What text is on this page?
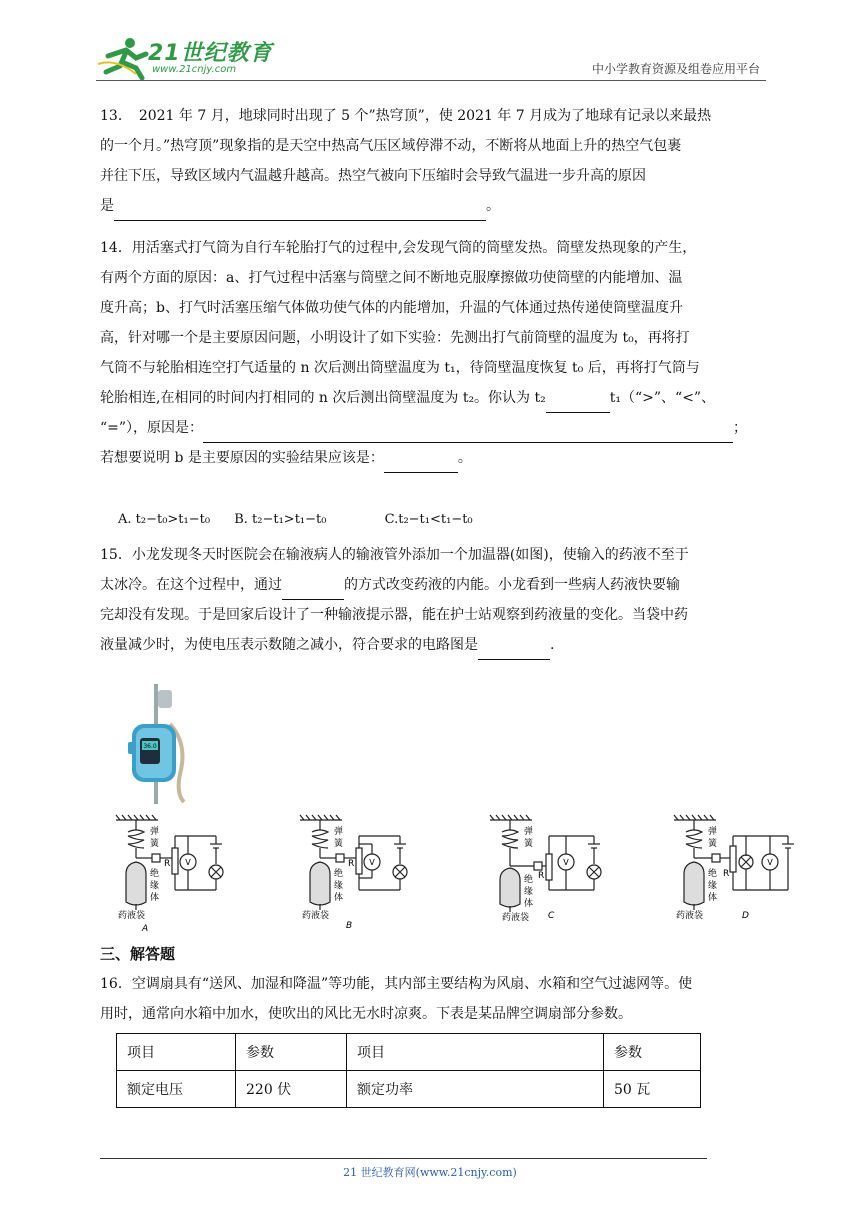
21世纪教育
www.21cnjy.com	中小学教育资源及组卷应用平台
13．　2021 年 7 月，地球同时出现了 5 个”热穹顶”，使 2021 年 7 月成为了地球有记录以来最热
的一个月。”热穹顶”现象指的是天空中热高气压区域停滞不动，不断将从地面上升的热空气包裹
并往下压，导致区域内气温越升越高。热空气被向下压缩时会导致气温进一步升高的原因
是	。
14．用活塞式打气筒为自行车轮胎打气的过程中,会发现气筒的筒壁发热。筒壁发热现象的产生，
有两个方面的原因：a、打气过程中活塞与筒壁之间不断地克服摩擦做功使筒壁的内能增加、温
度升高；b、打气时活塞压缩气体做功使气体的内能增加，升温的气体通过热传递使筒壁温度升
高，针对哪一个是主要原因问题，小明设计了如下实验：先测出打气前筒壁的温度为 t₀，再将打
气筒不与轮胎相连空打气适量的 n 次后测出筒壁温度为 t₁，待筒壁温度恢复 t₀ 后，再将打气筒与
轮胎相连,在相同的时间内打相同的 n 次后测出筒壁温度为 t₂。你认为 t₂	t₁（“>”、“<”、
“=”），原因是：	；
若想要说明 b 是主要原因的实验结果应该是：	。
A. t₂−t₀>t₁−t₀ B. t₂−t₁>t₁−t₀	C.t₂−t₁<t₁−t₀
15．小龙发现冬天时医院会在输液病人的输液管外添加一个加温器(如图)，使输入的药液不至于
太冰冷。在这个过程中，通过	的方式改变药液的内能。小龙看到一些病人药液快要输
完却没有发现。于是回家后设计了一种输液提示器，能在护士站观察到药液量的变化。当袋中药
液量减少时，为使电压表示数随之减小，符合要求的电路图是	.
36.0
弹
簧
绝
缘
体
R V
药液袋
A
弹
簧
绝
缘
体
R V
药液袋
B
弹
簧
绝
缘
体
R
V
药液袋 C
弹
簧
绝
缘
体
R
V
药液袋	D
三、解答题
16．空调扇具有“送风、加湿和降温”等功能，其内部主要结构为风扇、水箱和空气过滤网等。使
用时，通常向水箱中加水，使吹出的风比无水时凉爽。下表是某品牌空调扇部分参数。
项目	参数	项目	参数
额定电压	220 伏	额定功率	50 瓦
21 世纪教育网(www.21cnjy.com)
